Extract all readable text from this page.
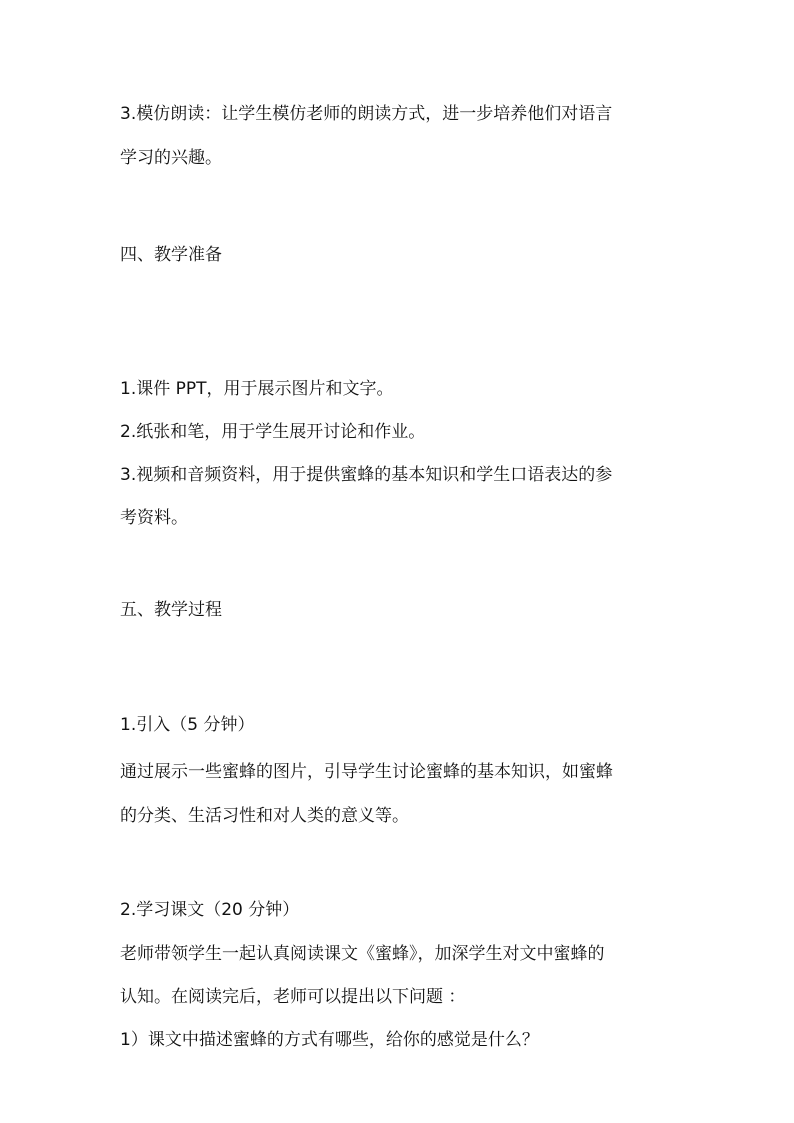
3.模仿朗读：让学生模仿老师的朗读方式，进一步培养他们对语言
学习的兴趣。
四、教学准备
1.课件 PPT，用于展示图片和文字。
2.纸张和笔，用于学生展开讨论和作业。
3.视频和音频资料，用于提供蜜蜂的基本知识和学生口语表达的参
考资料。
五、教学过程
1.引入（5 分钟）
通过展示一些蜜蜂的图片，引导学生讨论蜜蜂的基本知识，如蜜蜂
的分类、生活习性和对人类的意义等。
2.学习课文（20 分钟）
老师带领学生一起认真阅读课文《蜜蜂》，加深学生对文中蜜蜂的
认知。在阅读完后，老师可以提出以下问题 ：
1）课文中描述蜜蜂的方式有哪些，给你的感觉是什么？
